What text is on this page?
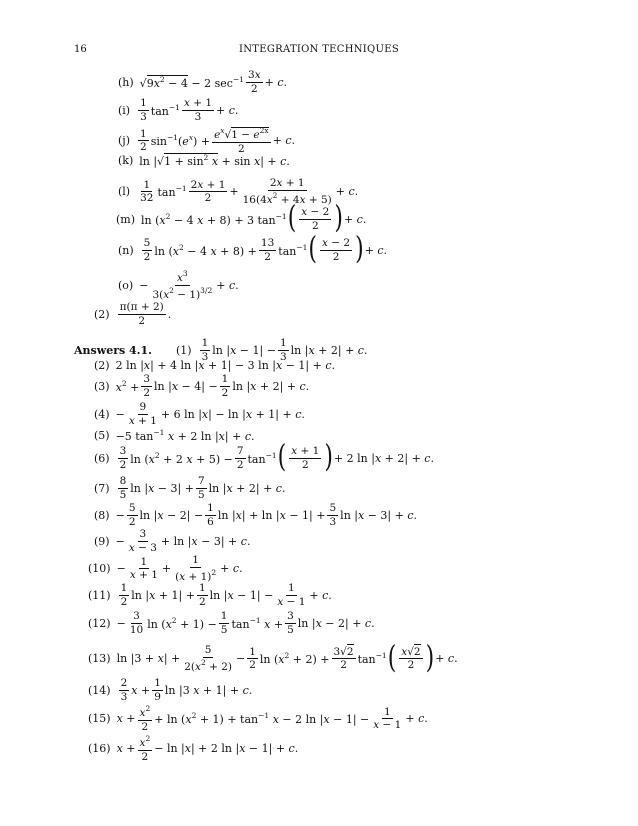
16	INTEGRATION TECHNIQUES
(h) $√9x^2 - 4 - 2$ $\sec^{-1} \frac{3x}{2} + c$.
$(i) \frac{1}{3} \tan^{-1} \frac{x + 1}{3} + c$.
$(j) \frac{1}{2} \sin^{-1}(e^x) + \frac{e^x√1 - e^{2x}}{2} + c$.
(k) $\ln |√1 + \sin^2 x + \sin x| + c$.
$(l) \frac{1}{32} \tan^{-1} \frac{2x + 1}{2} + \frac{2x + 1}{16(4x^2 + 4x + 5)} + c$.
(m) $\ln (x^2 - 4$ x + 8) + 3 $\tan^{-1}$ ( $\frac{x - 2}{2}$ ) + c.
$(n) \frac{5}{2}$ $\ln (x^2 - 4$ $x + 8) + \frac{13}{2} \tan^{-1}$ ( $\frac{x - 2}{2}$ ) + c.
$(o) - \frac{x^3}{3(x^2 - 1)^{3/2}} + c$.
$(2) \frac{\pi(\pi + 2)}{2}$ .
Answers 4.1. $(1) \frac{1}{3}$ $\ln |x - 1| - \frac{1}{3}$ ln |x + 2| + c.
(2) 2 ln |x| + 4 ln |x + 1| − 3 ln |x − 1| + c.
(3) $x^2 + \frac{3}{2}$ $\ln |x - 4| - \frac{1}{2}$ ln |x + 2| + c.
$(4) - \frac{9}{x + 1} + 6$ ln |x| − ln |x + 1| + c.
(5) −5 $\tan^{-1} x + 2$ ln |x| + c.
$(6) \frac{3}{2}$ $\ln (x^2 + 2$ $x + 5) - \frac{7}{2} \tan^{-1}$ ( $\frac{x + 1}{2}$ ) + 2 ln |x + 2| + c.
$(7) \frac{8}{5}$ $\ln |x - 3| + \frac{7}{5}$ ln |x + 2| + c.
$(8) - \frac{5}{2}$ $\ln |x - 2| - \frac{1}{6}$ $\ln |x| + \ln |x - 1| + \frac{5}{3}$ ln |x − 3| + c.
$(9) - \frac{3}{x - 3} + \ln |x - 3| + c$.
$(10) - \frac{1}{x + 1} + \frac{1}{(x + 1)^2} + c$.
$(11) \frac{1}{2}$ $\ln |x + 1| + \frac{1}{2}$ $\ln |x - 1| - \frac{1}{x - 1} + c$.
$(12) - \frac{3}{10}$ $\ln (x^2 + 1) - \frac{1}{5} \tan^{-1} x + \frac{3}{5}$ ln |x − 2| + c.
(13) $\ln |3 + x| + \frac{5}{2(x^2 + 2)} - \frac{1}{2}$ $\ln (x^2 + 2) + \frac{3√2}{2} \tan^{-1}$ ( $\frac{x√2}{2}$ ) + c.
$(14) \frac{2}{3}$ $x + \frac{1}{9}$ ln |3 x + 1| + c.
(15) $x + \frac{x^2}{2} + \ln (x^2 + 1) + \tan^{-1} x - 2$ $\ln |x - 1| - \frac{1}{x - 1} + c$.
(16) $x + \frac{x^2}{2} - \ln |x| + 2$ ln |x − 1| + c.
